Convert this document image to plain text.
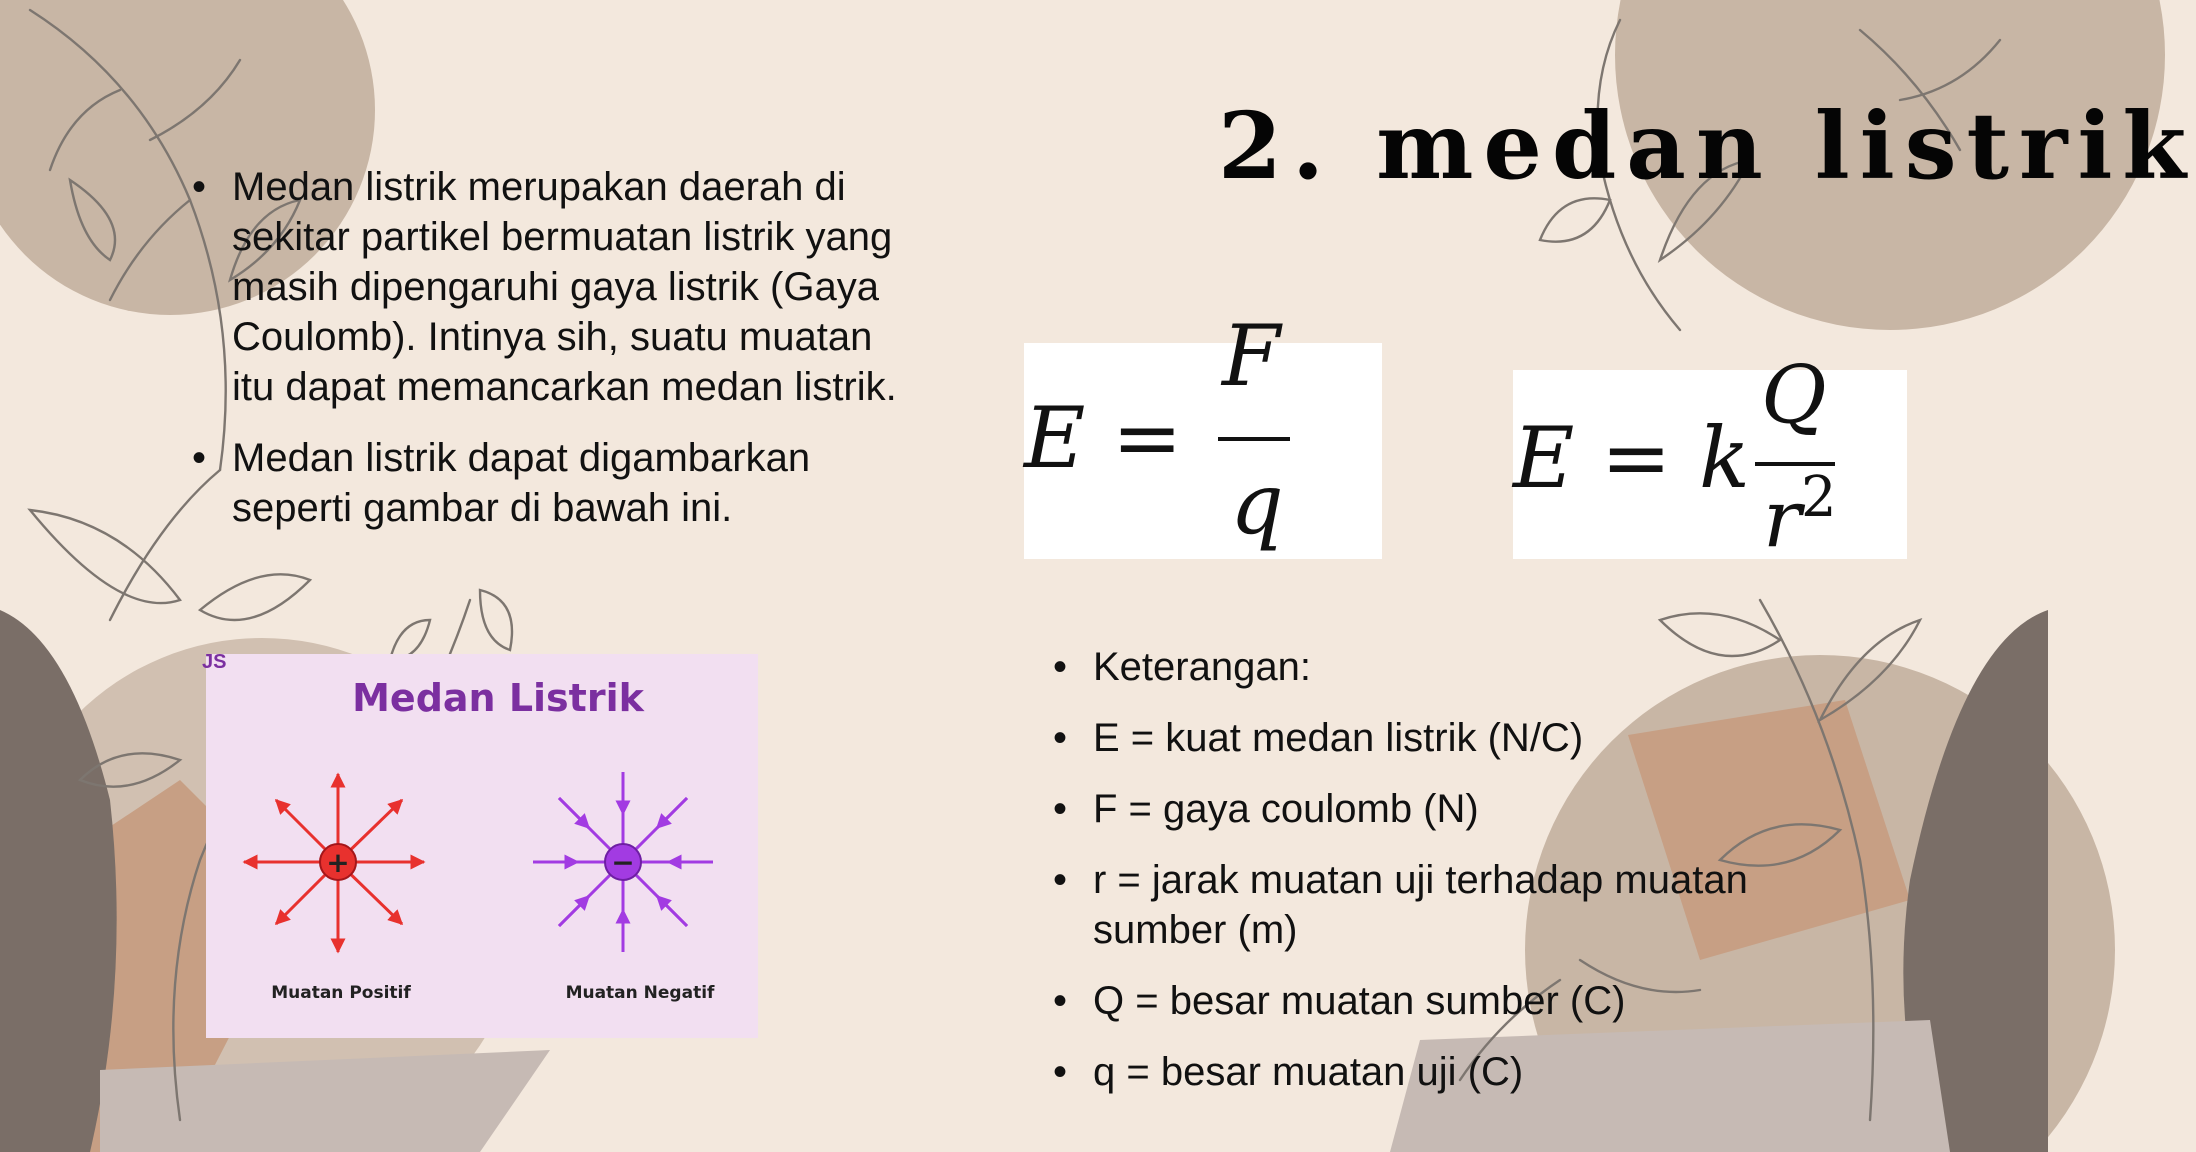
2. medan listrik
• Medan listrik merupakan daerah di sekitar partikel bermuatan listrik yang masih dipengaruhi gaya listrik (Gaya Coulomb). Intinya sih, suatu muatan itu dapat memancarkan medan listrik.
• Medan listrik dapat digambarkan seperti gambar di bawah ini.
E =
F
q	E = k
Q
r 2
JS
Medan Listrik
+	−
Muatan Positif	Muatan Negatif
• Keterangan:
• E = kuat medan listrik (N/C)
• F = gaya coulomb (N)
• r = jarak muatan uji terhadap muatan sumber (m)
• Q = besar muatan sumber (C)
• q = besar muatan uji (C)
